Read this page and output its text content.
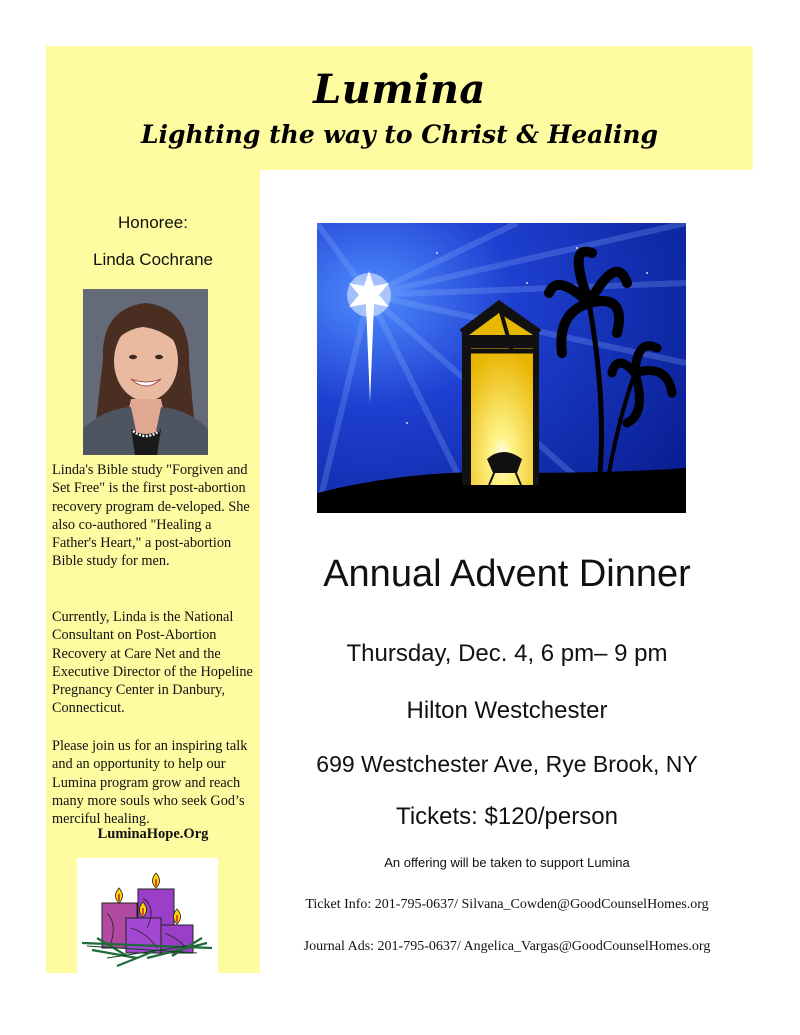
Lumina
Lighting the way to Christ & Healing
Honoree:
Linda Cochrane
Linda's Bible study "Forgiven and Set Free" is the first post-abortion recovery program de-veloped. She also co-authored "Healing a Father's Heart," a post-abortion Bible study for men.
Currently, Linda is the National Consultant on Post-Abortion Recovery at Care Net and the Executive Director of the Hopeline Pregnancy Center in Danbury, Connecticut.
Please join us for an inspiring talk and an opportunity to help our Lumina program grow and reach many more souls who seek God’s merciful healing.
LuminaHope.Org
Annual Advent Dinner
Thursday, Dec. 4, 6 pm– 9 pm
Hilton Westchester
699 Westchester Ave, Rye Brook, NY
Tickets: $120/person
An offering will be taken to support Lumina
Ticket Info: 201-795-0637/ Silvana_Cowden@GoodCounselHomes.org
Journal Ads: 201-795-0637/ Angelica_Vargas@GoodCounselHomes.org
